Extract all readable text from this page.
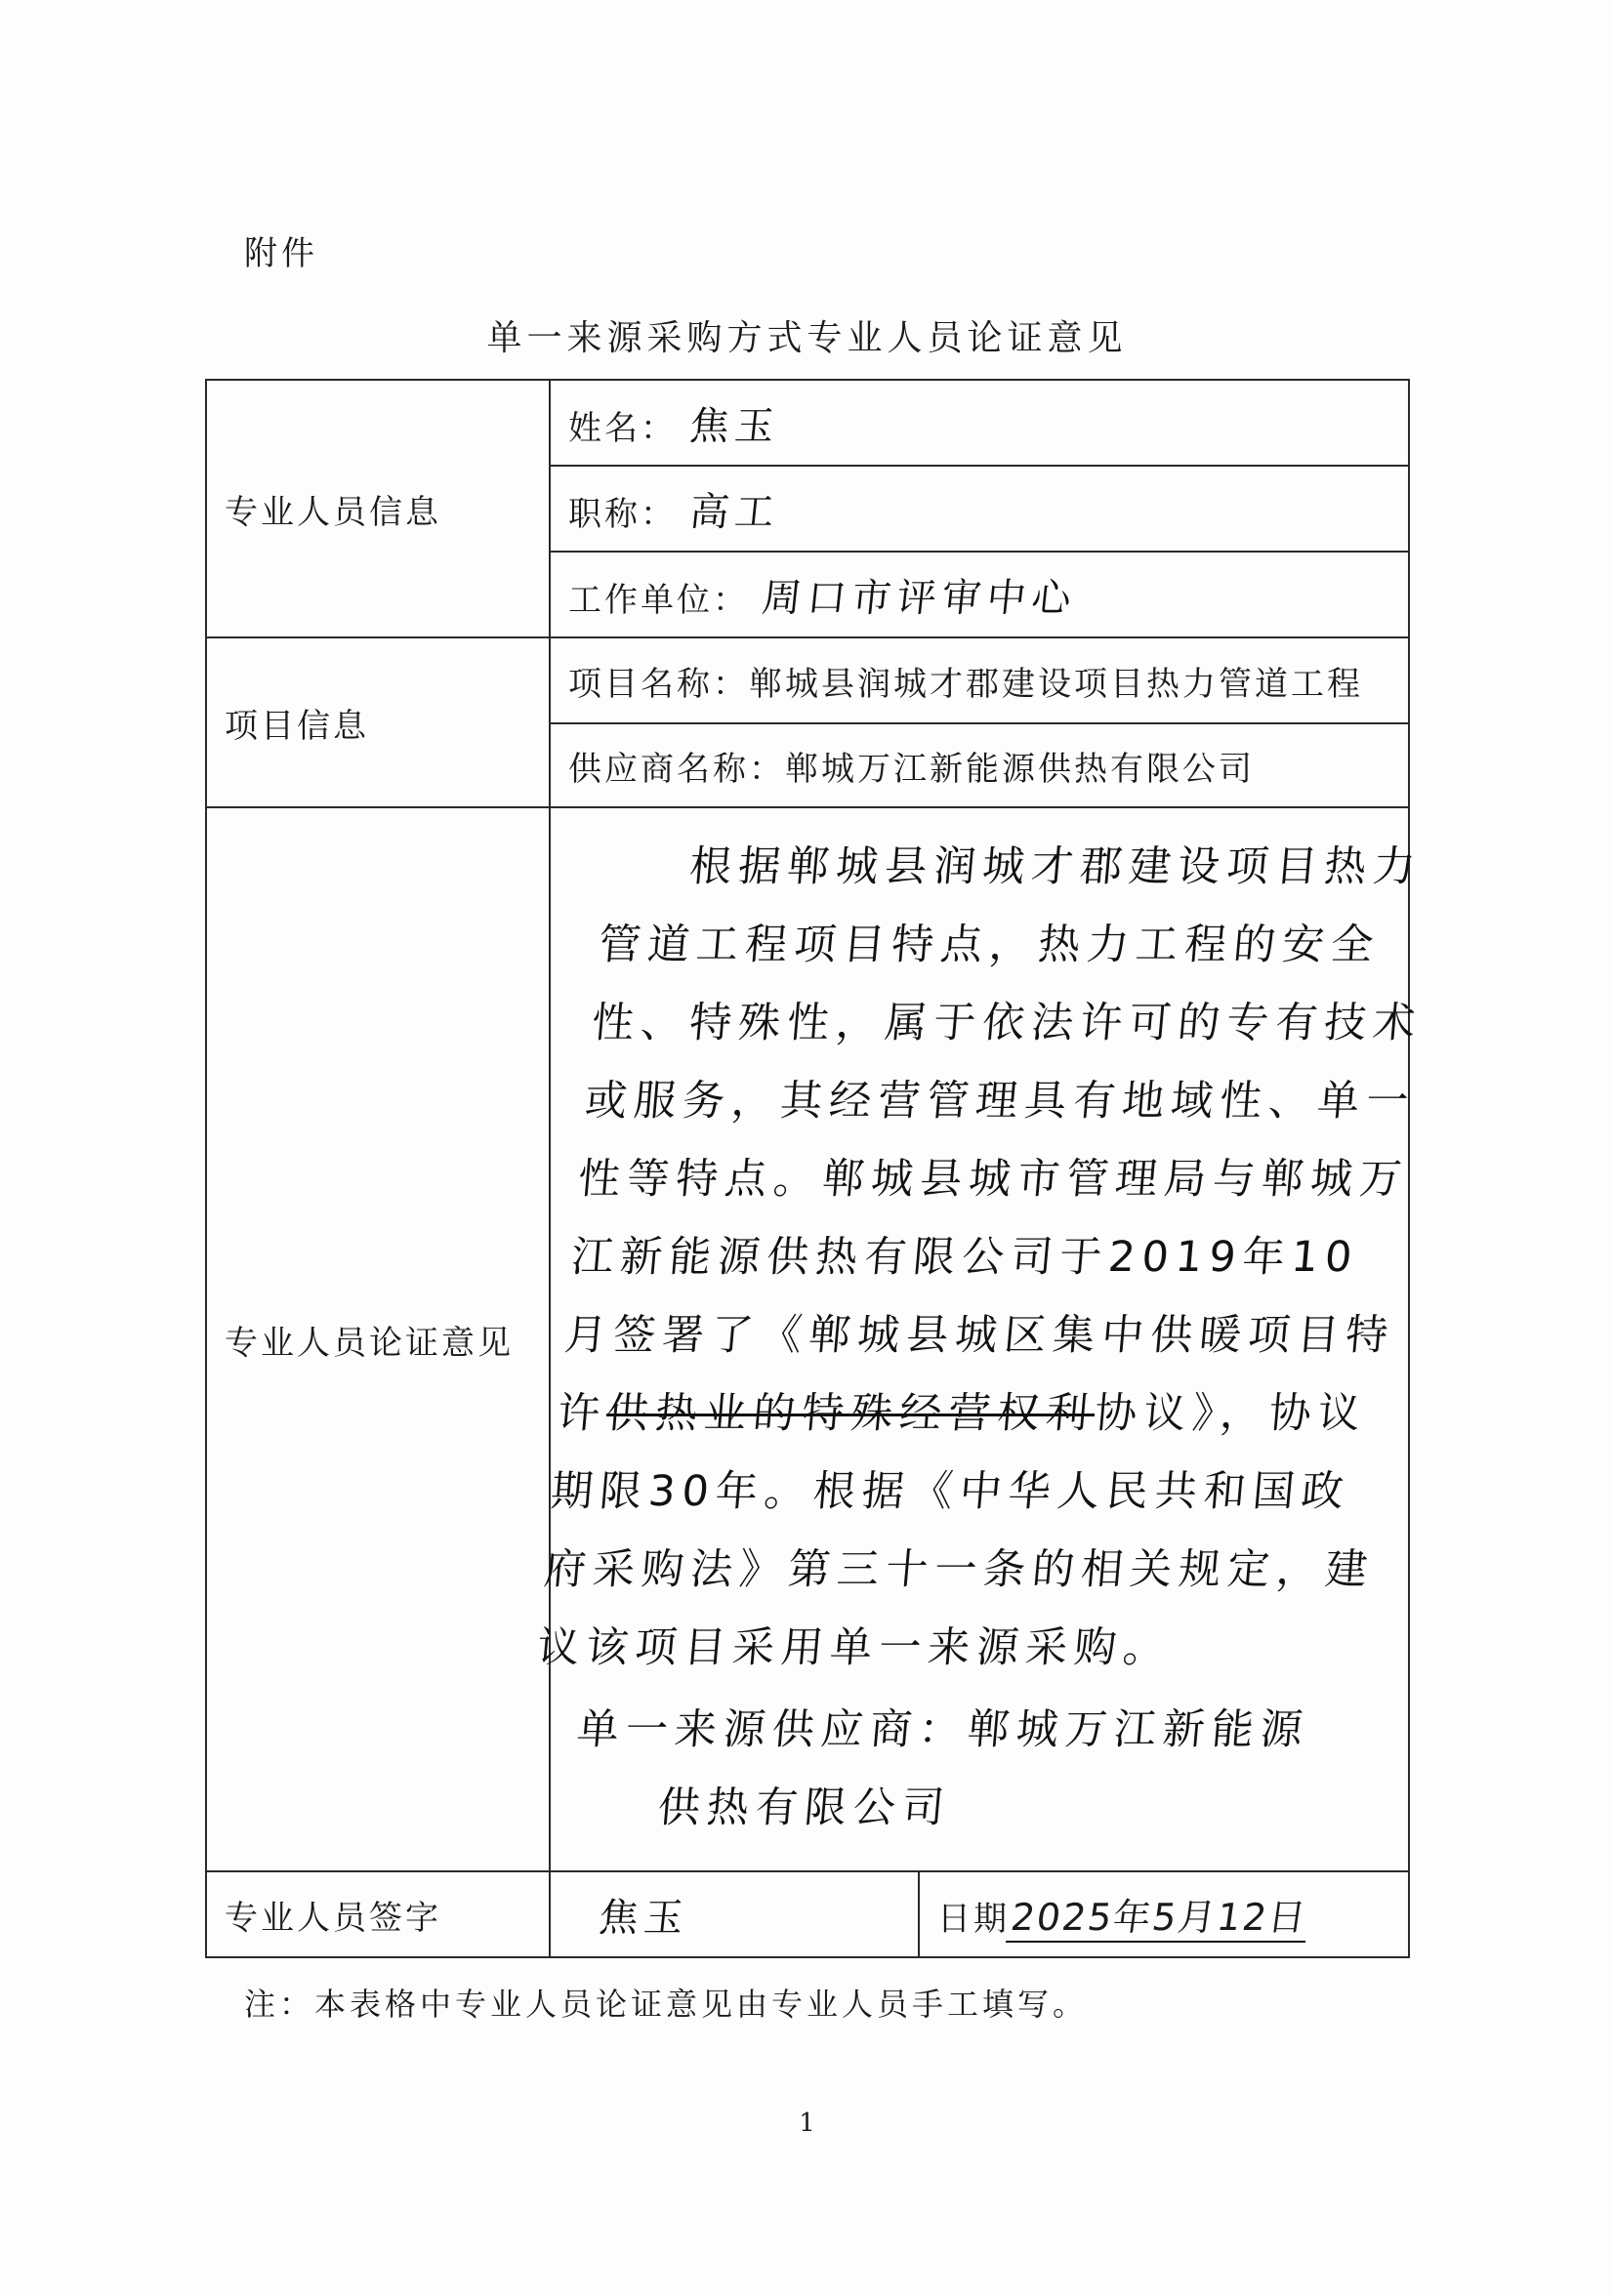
附件
单一来源采购方式专业人员论证意见
专业人员信息	姓名： 焦玉	
	职称： 高工	
	工作单位： 周口市评审中心	
项目信息	项目名称：郸城县润城才郡建设项目热力管道工程	
	供应商名称：郸城万江新能源供热有限公司	
专业人员论证意见	根据郸城县润城才郡建设项目热力管道工程项目特点，热力工程的安全性、特殊性，属于依法许可的专有技术或服务，其经营管理具有地域性、单一性等特点。郸城县城市管理局与郸城万江新能源供热有限公司于2019年10月签署了《郸城县城区集中供暖项目特许供热业的特殊经营权利协议》，协议期限30年。根据《中华人民共和国政府采购法》第三十一条的相关规定，建议该项目采用单一来源采购。

单一来源供应商：郸城万江新能源

供热有限公司	

专业人员签字	焦玉	日期2025年5月12日
注：本表格中专业人员论证意见由专业人员手工填写。
1
